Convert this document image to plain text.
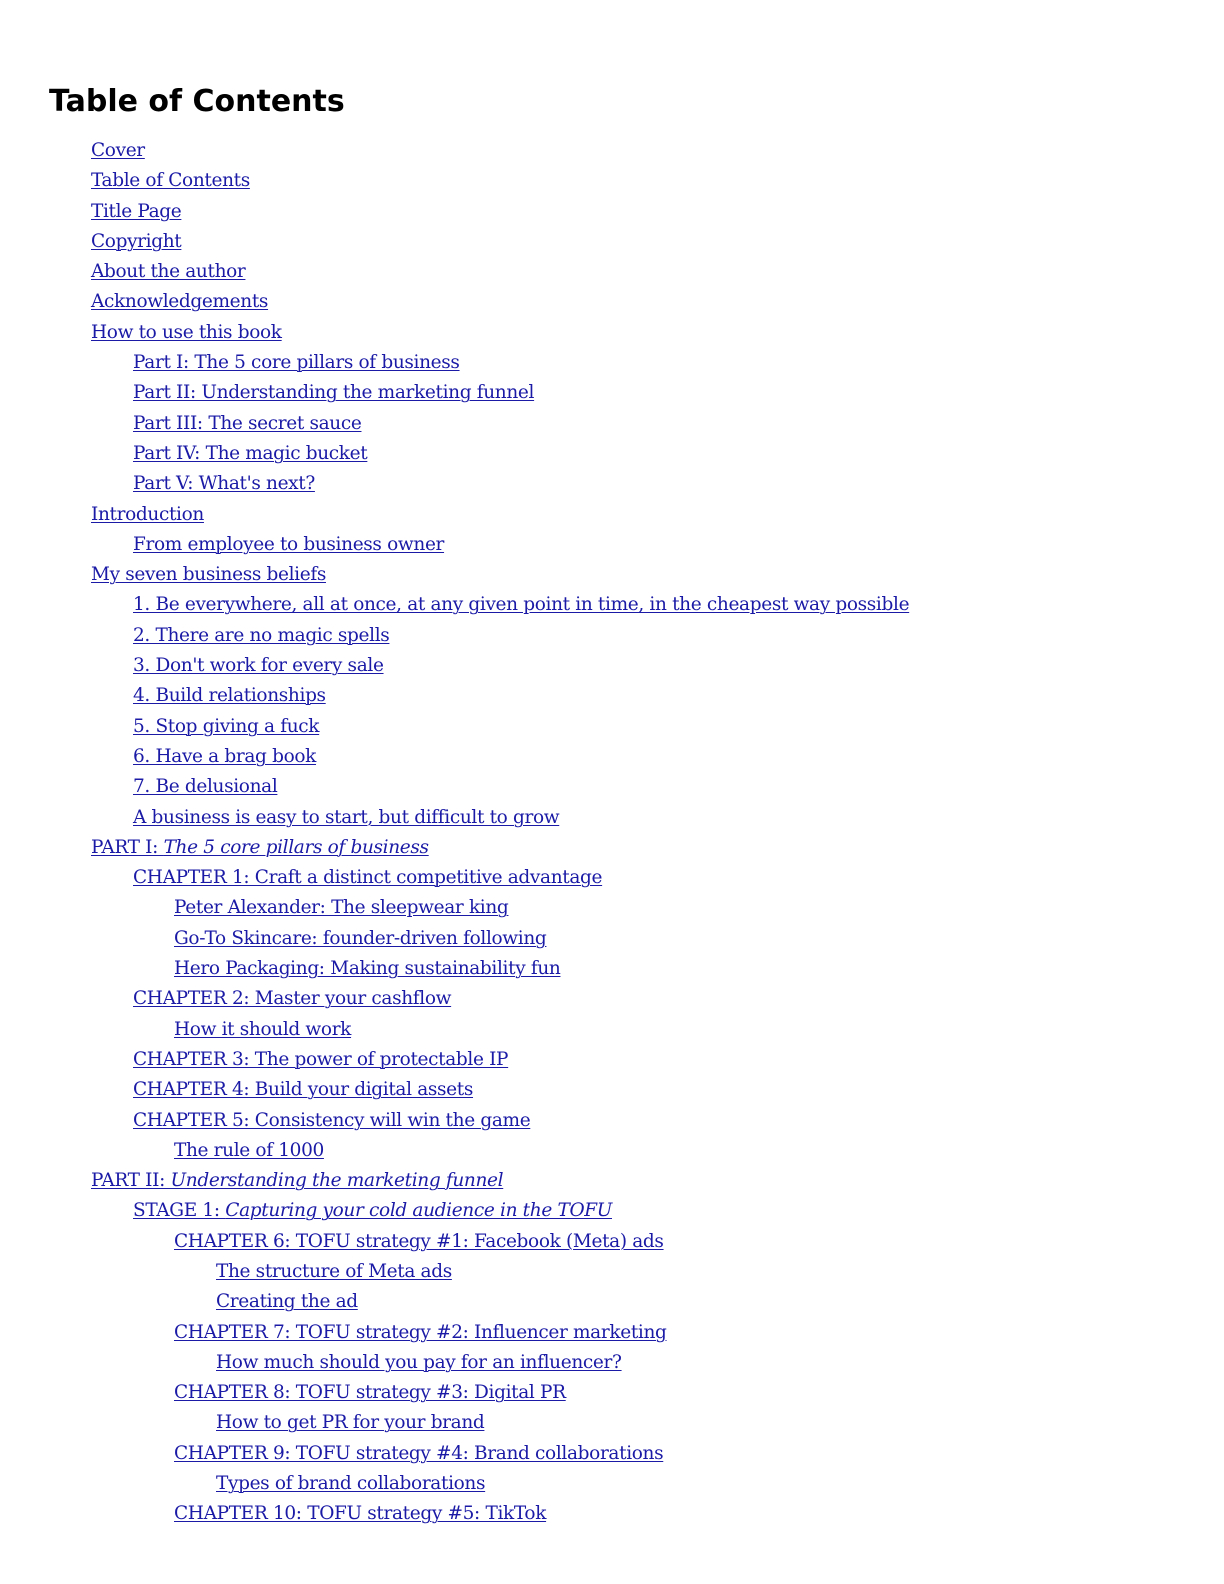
Table of Contents
Cover
Table of Contents
Title Page
Copyright
About the author
Acknowledgements
How to use this book
Part I: The 5 core pillars of business
Part II: Understanding the marketing funnel
Part III: The secret sauce
Part IV: The magic bucket
Part V: What's next?
Introduction
From employee to business owner
My seven business beliefs
1. Be everywhere, all at once, at any given point in time, in the cheapest way possible
2. There are no magic spells
3. Don't work for every sale
4. Build relationships
5. Stop giving a fuck
6. Have a brag book
7. Be delusional
A business is easy to start, but difficult to grow
PART I: The 5 core pillars of business
CHAPTER 1: Craft a distinct competitive advantage
Peter Alexander: The sleepwear king
Go-To Skincare: founder-driven following
Hero Packaging: Making sustainability fun
CHAPTER 2: Master your cashflow
How it should work
CHAPTER 3: The power of protectable IP
CHAPTER 4: Build your digital assets
CHAPTER 5: Consistency will win the game
The rule of 1000
PART II: Understanding the marketing funnel
STAGE 1: Capturing your cold audience in the TOFU
CHAPTER 6: TOFU strategy #1: Facebook (Meta) ads
The structure of Meta ads
Creating the ad
CHAPTER 7: TOFU strategy #2: Influencer marketing
How much should you pay for an influencer?
CHAPTER 8: TOFU strategy #3: Digital PR
How to get PR for your brand
CHAPTER 9: TOFU strategy #4: Brand collaborations
Types of brand collaborations
CHAPTER 10: TOFU strategy #5: TikTok
